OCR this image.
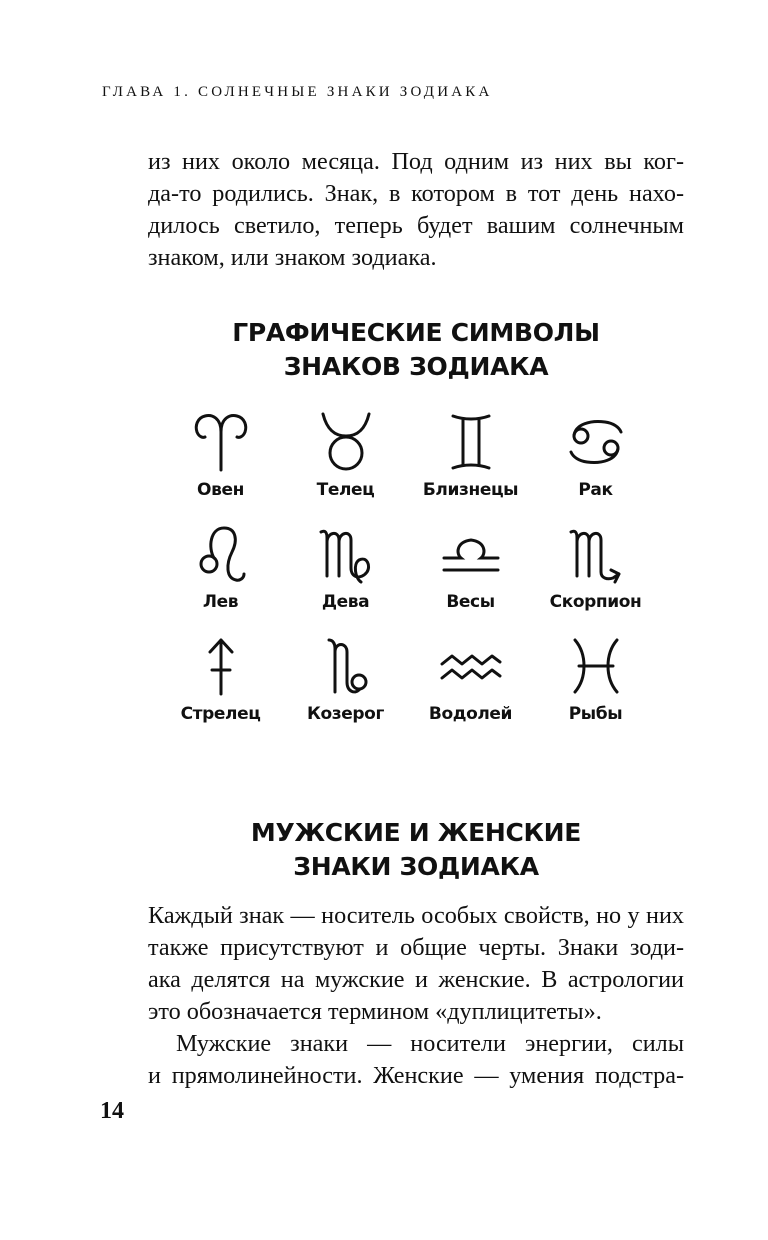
ГЛАВА 1. СОЛНЕЧНЫЕ ЗНАКИ ЗОДИАКА
из них около месяца. Под одним из них вы ког-
да-то родились. Знак, в котором в тот день нахо-
дилось светило, теперь будет вашим солнечным
знаком, или знаком зодиака.
ГРАФИЧЕСКИЕ СИМВОЛЫ
ЗНАКОВ ЗОДИАКА
Овен	Телец	Близнецы	Рак
Лев	Дева	Весы	Скорпион
Стрелец	Козерог	Водолей	Рыбы
МУЖСКИЕ И ЖЕНСКИЕ
ЗНАКИ ЗОДИАКА
Каждый знак — носитель особых свойств, но у них
также присутствуют и общие черты. Знаки зоди-
ака делятся на мужские и женские. В астрологии
это обозначается термином «дуплицитеты».
Мужские знаки — носители энергии, силы
и прямолинейности. Женские — умения подстра-
14
